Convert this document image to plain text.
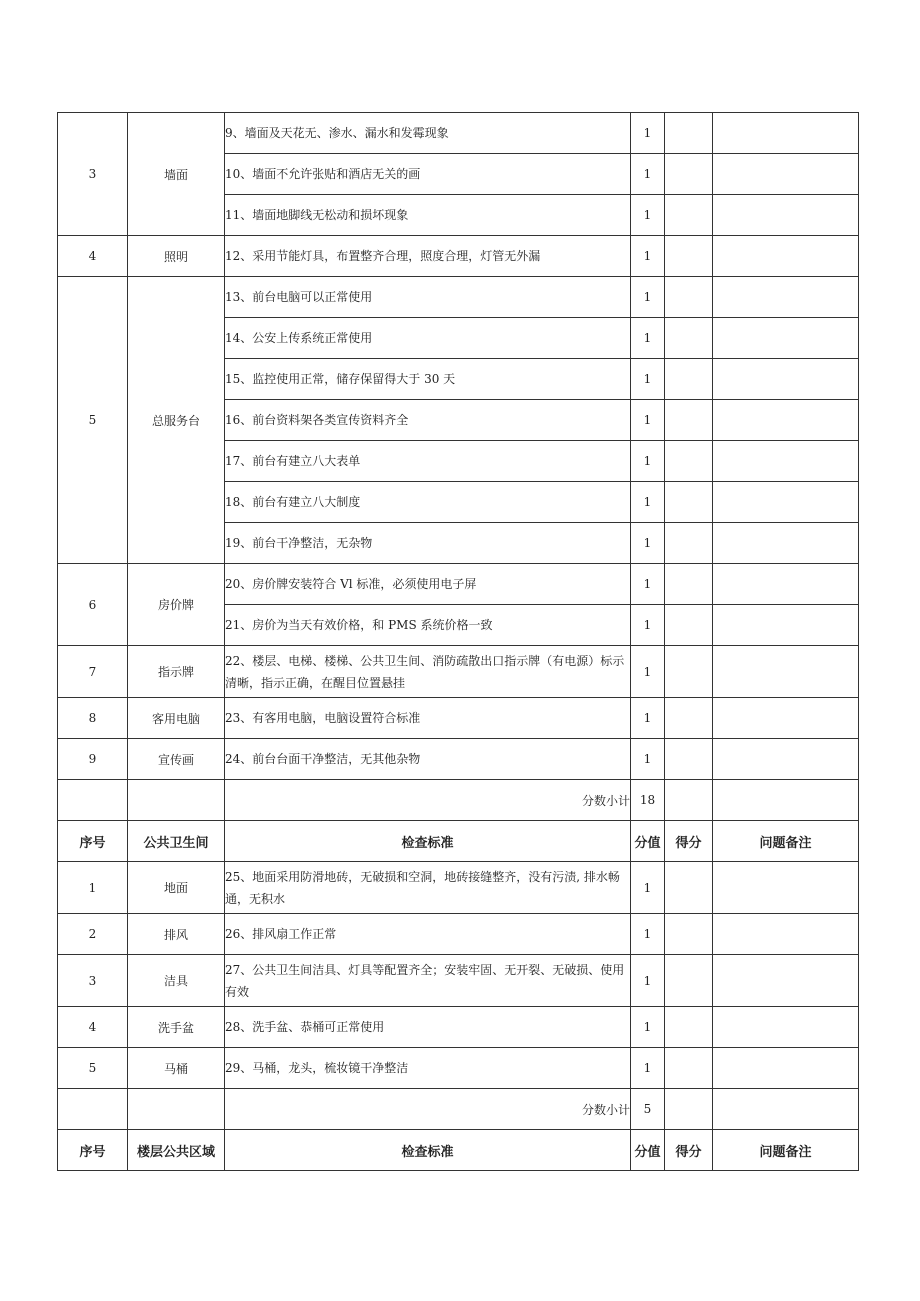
3	墙面	9、墙面及天花无、渗水、漏水和发霉现象	1		
		10、墙面不允许张贴和酒店无关的画	1		
		11、墙面地脚线无松动和损坏现象	1		
4	照明	12、采用节能灯具，布置整齐合理，照度合理，灯管无外漏	1		
5	总服务台	13、前台电脑可以正常使用	1		
		14、公安上传系统正常使用	1		
		15、监控使用正常，储存保留得大于 30 天	1		
		16、前台资料架各类宣传资料齐全	1		
		17、前台有建立八大表单	1		
		18、前台有建立八大制度	1		
		19、前台干净整洁，无杂物	1		
6	房价牌	20、房价牌安装符合 Vl 标准，必须使用电子屏	1		
		21、房价为当天有效价格，和 PMS 系统价格一致	1		
7	指示牌	22、楼层、电梯、楼梯、公共卫生间、消防疏散出口指示牌（有电源）标示清晰，指示正确，在醒目位置悬挂	1		
8	客用电脑	23、有客用电脑，电脑设置符合标准	1		
9	宣传画	24、前台台面干净整洁，无其他杂物	1		
		分数小计	18		
序号	公共卫生间	检查标准	分值	得分	问题备注
1	地面	25、地面采用防滑地砖，无破损和空洞，地砖接缝整齐，没有污渍, 排水畅通，无积水	1		
2	排风	26、排风扇工作正常	1		
3	洁具	27、公共卫生间洁具、灯具等配置齐全；安装牢固、无开裂、无破损、使用有效	1		
4	洗手盆	28、洗手盆、恭桶可正常使用	1		
5	马桶	29、马桶，龙头，梳妆镜干净整洁	1		
		分数小计	5		
序号	楼层公共区域	检查标准	分值	得分	问题备注
